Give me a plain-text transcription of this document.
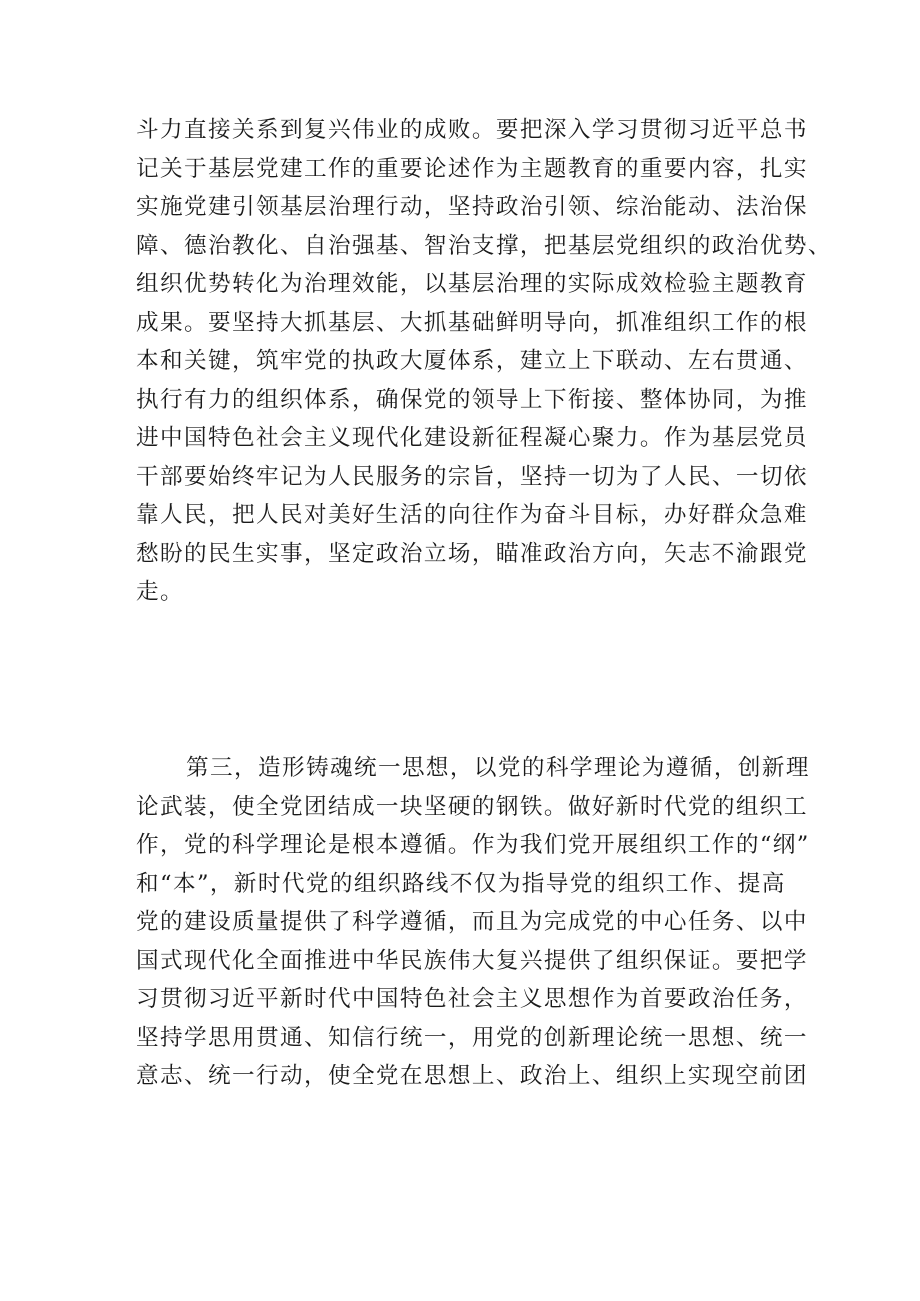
斗力直接关系到复兴伟业的成败。要把深入学习贯彻习近平总书
记关于基层党建工作的重要论述作为主题教育的重要内容，扎实
实施党建引领基层治理行动，坚持政治引领、综治能动、法治保
障、德治教化、自治强基、智治支撑，把基层党组织的政治优势、
组织优势转化为治理效能，以基层治理的实际成效检验主题教育
成果。要坚持大抓基层、大抓基础鲜明导向，抓准组织工作的根
本和关键，筑牢党的执政大厦体系，建立上下联动、左右贯通、
执行有力的组织体系，确保党的领导上下衔接、整体协同，为推
进中国特色社会主义现代化建设新征程凝心聚力。作为基层党员
干部要始终牢记为人民服务的宗旨，坚持一切为了人民、一切依
靠人民，把人民对美好生活的向往作为奋斗目标，办好群众急难
愁盼的民生实事，坚定政治立场，瞄准政治方向，矢志不渝跟党
走。
第三，造形铸魂统一思想，以党的科学理论为遵循，创新理
论武装，使全党团结成一块坚硬的钢铁。做好新时代党的组织工
作，党的科学理论是根本遵循。作为我们党开展组织工作的“纲”
和“本”，新时代党的组织路线不仅为指导党的组织工作、提高
党的建设质量提供了科学遵循，而且为完成党的中心任务、以中
国式现代化全面推进中华民族伟大复兴提供了组织保证。要把学
习贯彻习近平新时代中国特色社会主义思想作为首要政治任务，
坚持学思用贯通、知信行统一，用党的创新理论统一思想、统一
意志、统一行动，使全党在思想上、政治上、组织上实现空前团
